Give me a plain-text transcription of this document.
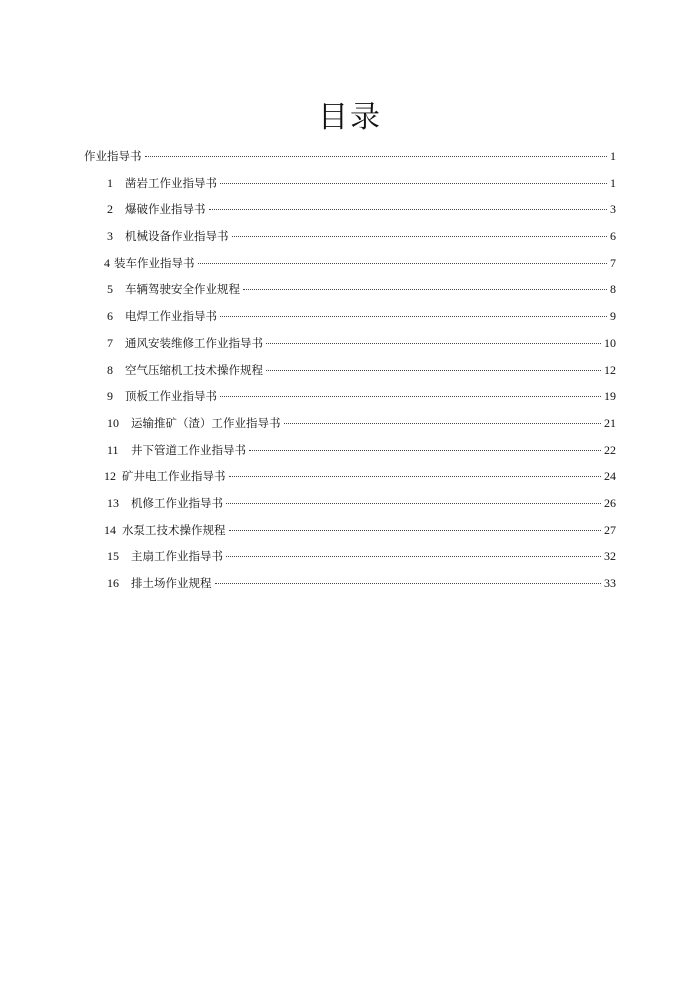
目录
作业指导书	1
1	凿岩工作业指导书	1
2	爆破作业指导书	3
3	机械设备作业指导书	6
4 装车作业指导书	7
5	车辆驾驶安全作业规程	8
6	电焊工作业指导书	9
7	通风安装维修工作业指导书	10
8	空气压缩机工技术操作规程	12
9	顶板工作业指导书	19
10	运输推矿（渣）工作业指导书	21
11	井下管道工作业指导书	22
12 矿井电工作业指导书	24
13	机修工作业指导书	26
14 水泵工技术操作规程	27
15	主扇工作业指导书	32
16	排土场作业规程	33
